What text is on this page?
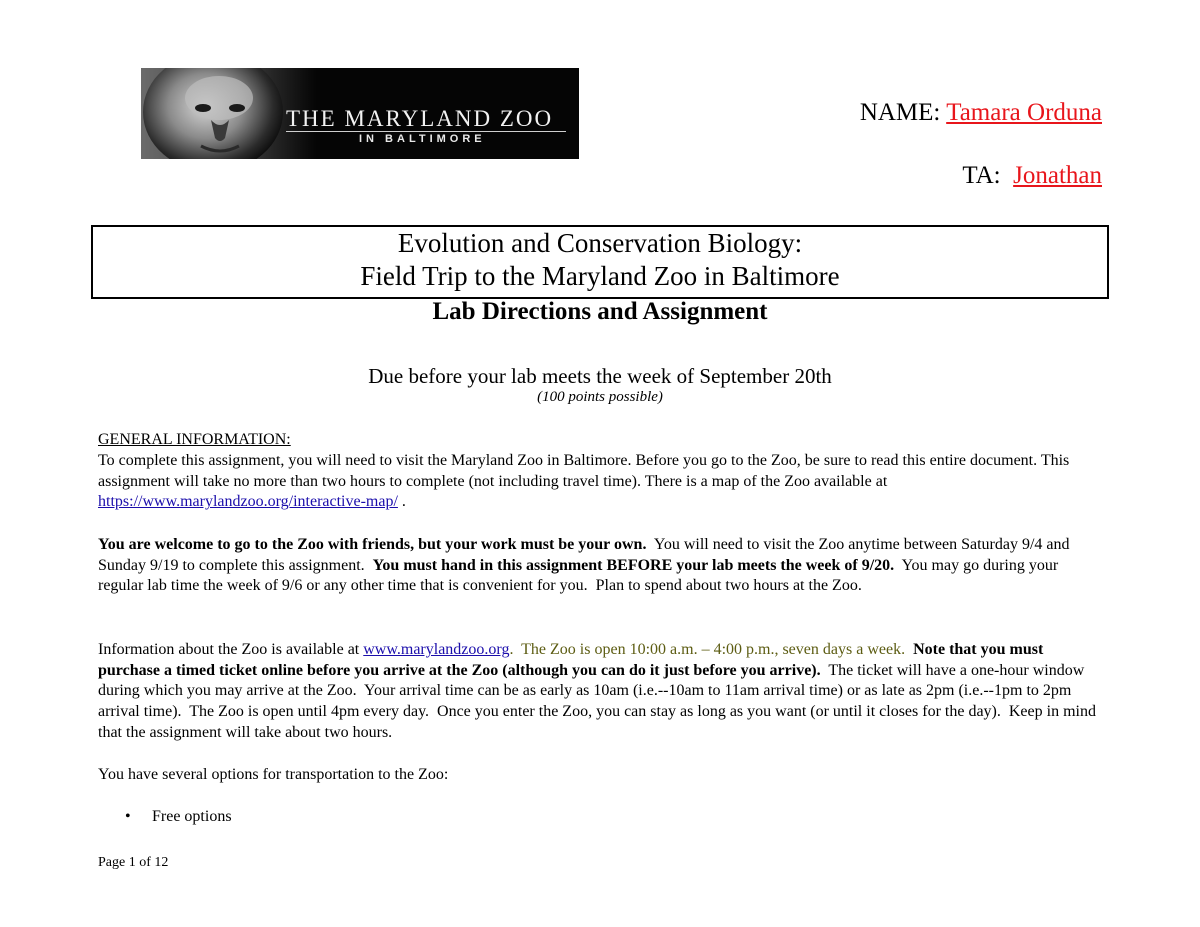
THE MARYLAND ZOO
IN BALTIMORE
NAME: Tamara Orduna
TA:  Jonathan
Evolution and Conservation Biology:
Field Trip to the Maryland Zoo in Baltimore
Lab Directions and Assignment
Due before your lab meets the week of September 20th
(100 points possible)
GENERAL INFORMATION:
To complete this assignment, you will need to visit the Maryland Zoo in Baltimore. Before you go to the Zoo, be sure to read this entire document. This assignment will take no more than two hours to complete (not including travel time). There is a map of the Zoo available at https://www.marylandzoo.org/interactive-map/ .
You are welcome to go to the Zoo with friends, but your work must be your own.  You will need to visit the Zoo anytime between Saturday 9/4 and Sunday 9/19 to complete this assignment.  You must hand in this assignment BEFORE your lab meets the week of 9/20.  You may go during your regular lab time the week of 9/6 or any other time that is convenient for you.  Plan to spend about two hours at the Zoo.
Information about the Zoo is available at www.marylandzoo.org.  The Zoo is open 10:00 a.m. – 4:00 p.m., seven days a week.  Note that you must purchase a timed ticket online before you arrive at the Zoo (although you can do it just before you arrive).  The ticket will have a one-hour window during which you may arrive at the Zoo.  Your arrival time can be as early as 10am (i.e.--10am to 11am arrival time) or as late as 2pm (i.e.--1pm to 2pm arrival time).  The Zoo is open until 4pm every day.  Once you enter the Zoo, you can stay as long as you want (or until it closes for the day).  Keep in mind that the assignment will take about two hours.
You have several options for transportation to the Zoo:
• Free options
Page 1 of 12
